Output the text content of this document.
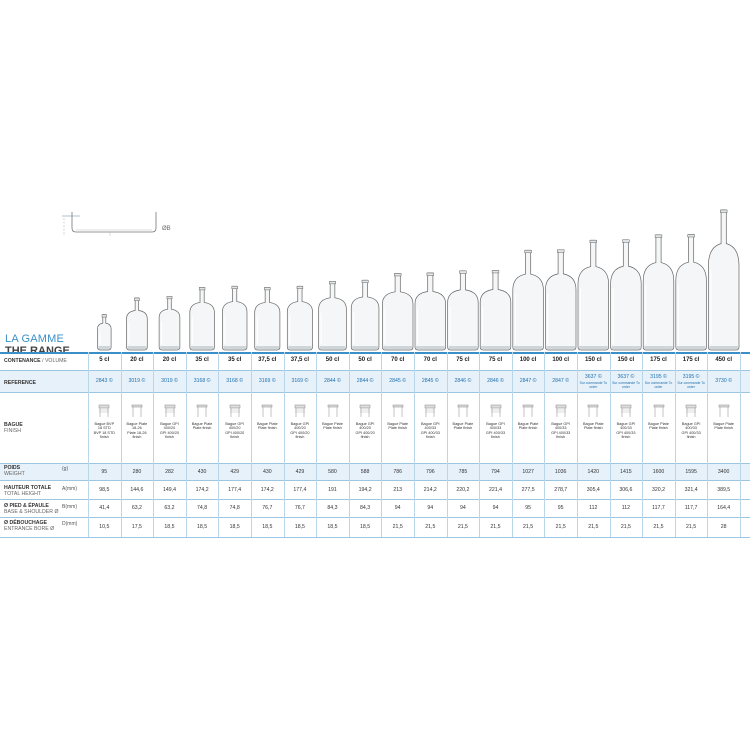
ØB
LA GAMME
THE RANGE
CONTENANCE / VOLUME
REFERENCE
BAGUE
FINISH
POIDS
WEIGHT
(g)
HAUTEUR TOTALE
TOTAL HEIGHT
A(mm)
Ø PIED & ÉPAULE
BASE & SHOULDER Ø
B(mm)
Ø DÉBOUCHAGE
ENTRANCE BORE Ø
D(mm)
5 cl
2843 ©
Bague BVP
18 STD
BVP 18 STD
finish

95
98,5
41,4
10,5
20 cl
3019 ©
Bague Plate
18-26
Plate 18-26
finish

280
144,6
63,2
17,5
20 cl
3019 ©
Bague GPI
400/20
GPI 400/20
finish

282
149,4
63,2
18,5
35 cl
3168 ©
Bague Plate
Plate finish

430
174,2
74,8
18,5
35 cl
3168 ©
Bague GPI
400/20
GPI 400/20
finish

429
177,4
74,8
18,5
37,5 cl
3169 ©
Bague Plate
Plate finish

430
174,2
76,7
18,5
37,5 cl
3169 ©
Bague GPI
400/20
GPI 400/20
finish

429
177,4
76,7
18,5
50 cl
2844 ©
Bague Plate
Plate finish

580
191
84,3
18,5
50 cl
2844 ©
Bague GPI
400/20
GPI 400/20
finish

588
194,2
84,3
18,5
70 cl
2845 ©
Bague Plate
Plate finish

786
213
94
21,5
70 cl
2845 ©
Bague GPI
400/33
GPI 400/33
finish

796
214,2
94
21,5
75 cl
2846 ©
Bague Plate
Plate finish

785
220,2
94
21,5
75 cl
2846 ©
Bague GPI
400/33
GPI 400/33
finish

794
221,4
94
21,5
100 cl
2847 ©
Bague Plate
Plate finish

1027
277,5
95
21,5
100 cl
2847 ©
Bague GPI
400/33
GPI 400/33
finish

1036
278,7
95
21,5
150 cl
3637 ©
Sur commande To order
Bague Plate
Plate finish

1420
305,4
112
21,5
150 cl
3637 ©
Sur commande To order
Bague GPI
400/33
GPI 400/33
finish

1415
306,6
112
21,5
175 cl
3195 ©
Sur commande To order
Bague Plate
Plate finish

1600
320,2
117,7
21,5
175 cl
3195 ©
Sur commande To order
Bague GPI
400/33
GPI 400/33
finish

1595
321,4
117,7
21,5
450 cl
3730 ©
Bague Plate
Plate finish

3400
389,5
164,4
28
